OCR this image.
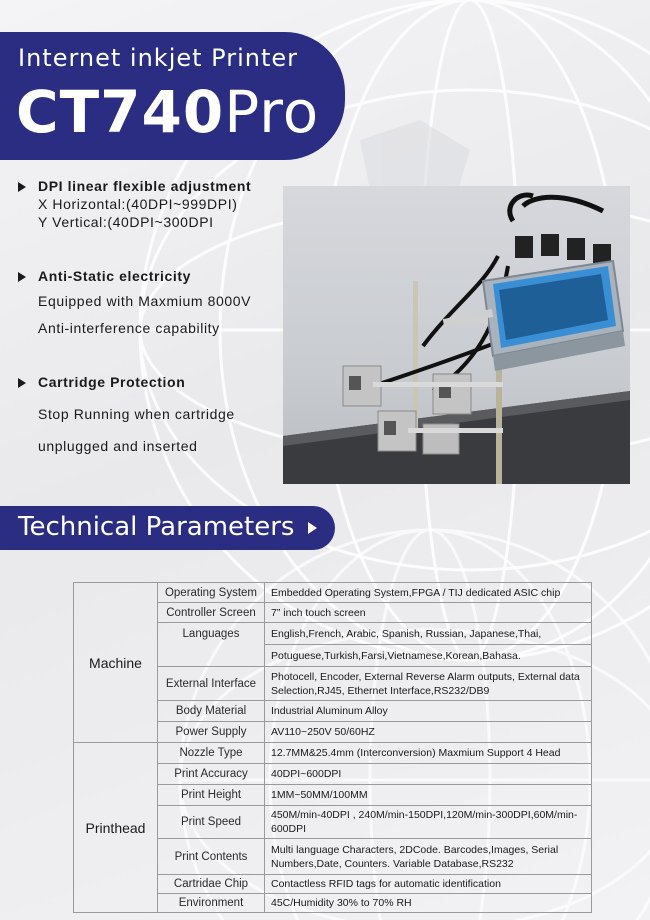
Internet inkjet Printer
CT740Pro
DPI linear flexible adjustment
X Horizontal:(40DPI~999DPI)
Y Vertical:(40DPI~300DPI
Anti-Static electricity
Equipped with Maxmium 8000V
Anti-interference capability
Cartridge Protection
Stop Running when cartridge
unplugged and inserted
Technical Parameters
Machine	Operating System	Embedded Operating System,FPGA / TIJ dedicated ASIC chip
	Controller Screen	7” inch touch screen
	Languages	English,French, Arabic, Spanish, Russian, Japanese,Thai,
		Potuguese,Turkish,Farsi,Vietnamese,Korean,Bahasa.
	External Interface	Photocell, Encoder, External Reverse Alarm outputs, External data Selection,RJ45, Ethernet Interface,RS232/DB9
	Body Material	Industrial Aluminum Alloy
	Power Supply	AV110~250V 50/60HZ
Printhead	Nozzle Type	12.7MM&25.4mm (Interconversion) Maxmium Support 4 Head
	Print Accuracy	40DPI~600DPI
	Print Height	1MM~50MM/100MM
	Print Speed	450M/min-40DPI , 240M/min-150DPI,120M/min-300DPI,60M/min-600DPI
	Print Contents	Multi language Characters, 2DCode. Barcodes,Images, Serial Numbers,Date, Counters. Variable Database,RS232
	Cartridae Chip	Contactless RFID tags for automatic identification
	Environment	45C/Humidity 30% to 70% RH
